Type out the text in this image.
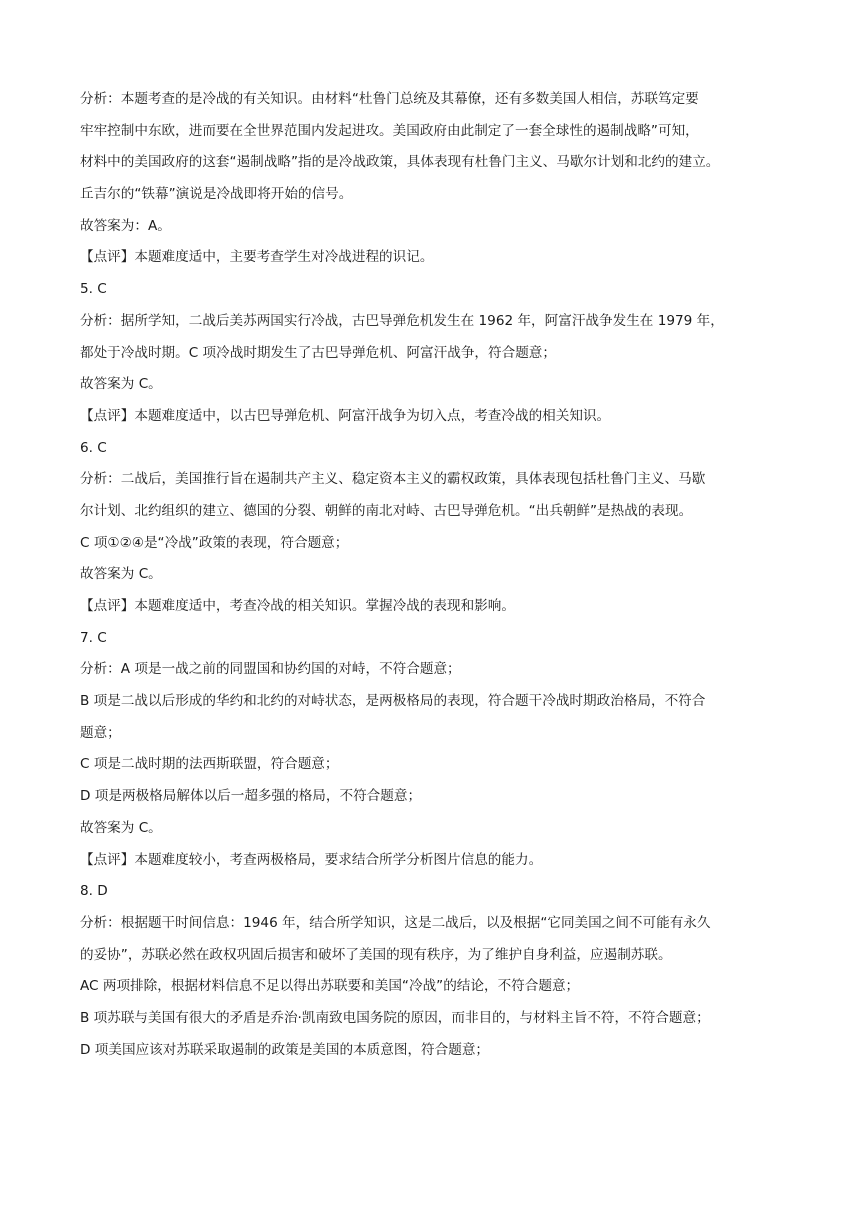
分析：本题考查的是冷战的有关知识。由材料“杜鲁门总统及其幕僚，还有多数美国人相信，苏联笃定要
牢牢控制中东欧，进而要在全世界范围内发起进攻。美国政府由此制定了一套全球性的遏制战略”可知，
材料中的美国政府的这套“遏制战略”指的是冷战政策，具体表现有杜鲁门主义、马歇尔计划和北约的建立。
丘吉尔的“铁幕”演说是冷战即将开始的信号。
故答案为：A。
【点评】本题难度适中，主要考查学生对冷战进程的识记。
5. C
分析：据所学知，二战后美苏两国实行冷战，古巴导弹危机发生在 1962 年，阿富汗战争发生在 1979 年，
都处于冷战时期。C 项冷战时期发生了古巴导弹危机、阿富汗战争，符合题意；
故答案为 C。
【点评】本题难度适中，以古巴导弹危机、阿富汗战争为切入点，考查冷战的相关知识。
6. C
分析：二战后，美国推行旨在遏制共产主义、稳定资本主义的霸权政策，具体表现包括杜鲁门主义、马歇
尔计划、北约组织的建立、德国的分裂、朝鲜的南北对峙、古巴导弹危机。“出兵朝鲜”是热战的表现。
C 项①②④是“冷战”政策的表现，符合题意；
故答案为 C。
【点评】本题难度适中，考查冷战的相关知识。掌握冷战的表现和影响。
7. C
分析：A 项是一战之前的同盟国和协约国的对峙，不符合题意；
B 项是二战以后形成的华约和北约的对峙状态，是两极格局的表现，符合题干冷战时期政治格局，不符合
题意；
C 项是二战时期的法西斯联盟，符合题意；
D 项是两极格局解体以后一超多强的格局，不符合题意；
故答案为 C。
【点评】本题难度较小，考查两极格局，要求结合所学分析图片信息的能力。
8. D
分析：根据题干时间信息：1946 年，结合所学知识，这是二战后，以及根据“它同美国之间不可能有永久
的妥协”，苏联必然在政权巩固后损害和破坏了美国的现有秩序，为了维护自身利益，应遏制苏联。
AC 两项排除，根据材料信息不足以得出苏联要和美国“冷战”的结论，不符合题意；
B 项苏联与美国有很大的矛盾是乔治·凯南致电国务院的原因，而非目的，与材料主旨不符，不符合题意；
D 项美国应该对苏联采取遏制的政策是美国的本质意图，符合题意；
